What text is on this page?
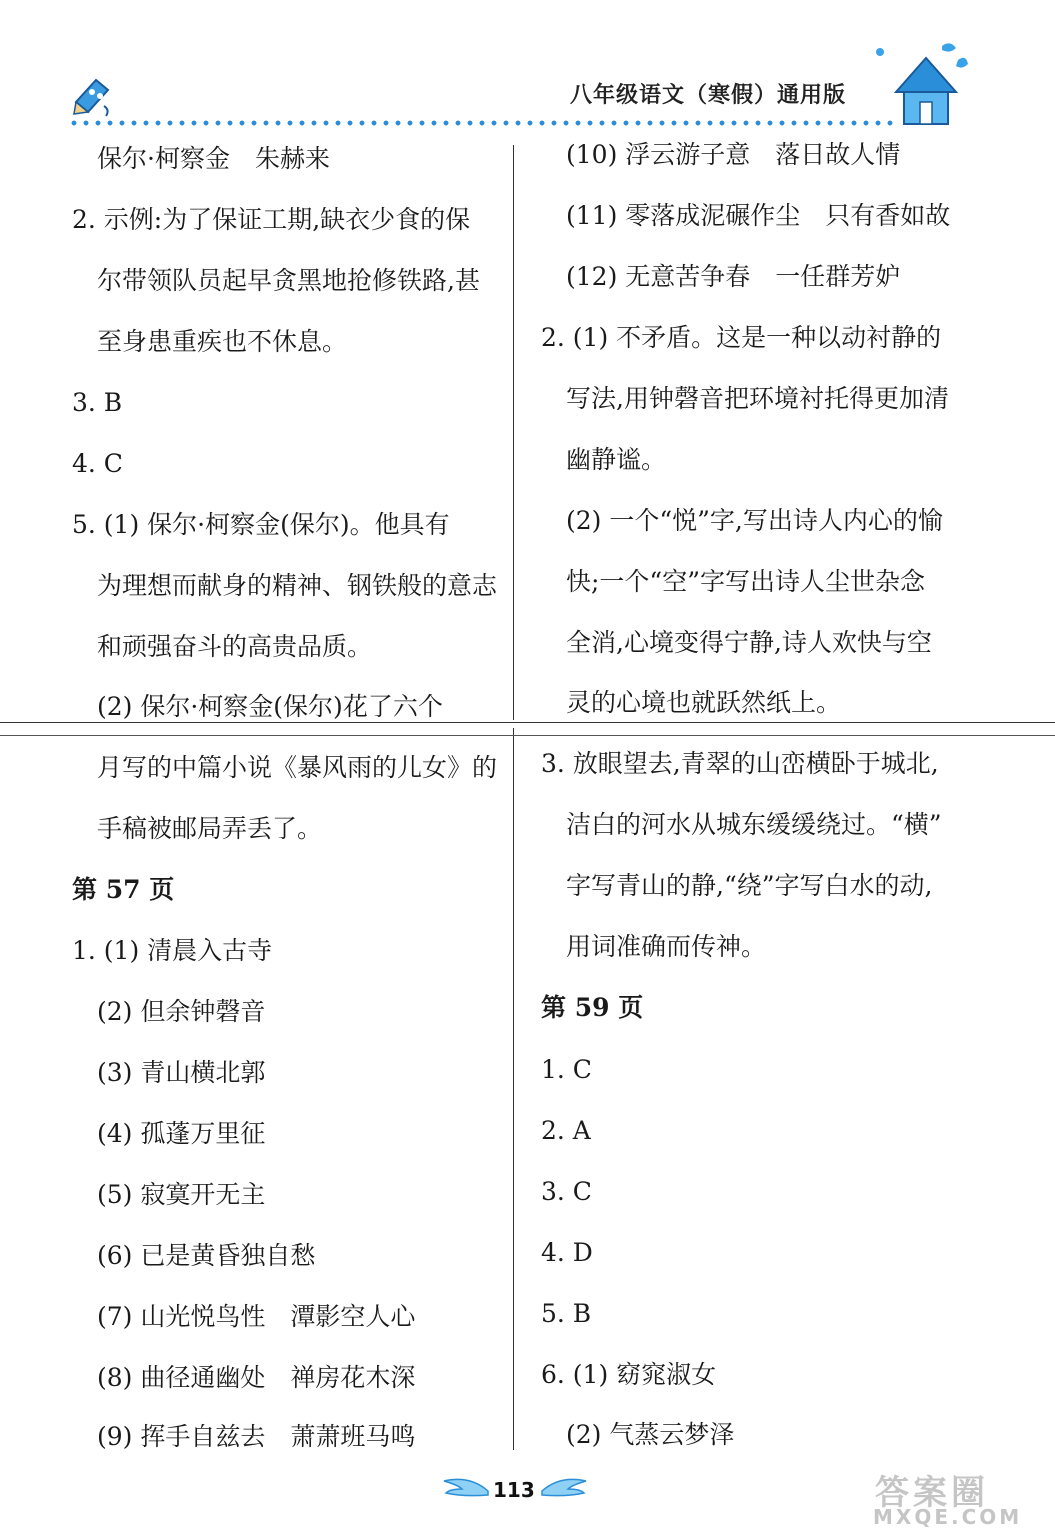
八年级语文（寒假）通用版
保尔·柯察金　朱赫来
2. 示例:为了保证工期,缺衣少食的保
尔带领队员起早贪黑地抢修铁路,甚
至身患重疾也不休息。
3. B
4. C
5. (1) 保尔·柯察金(保尔)。他具有
为理想而献身的精神、钢铁般的意志
和顽强奋斗的高贵品质。
(2) 保尔·柯察金(保尔)花了六个
月写的中篇小说《暴风雨的儿女》的
手稿被邮局弄丢了。
第 57 页
1. (1) 清晨入古寺
(2) 但余钟磬音
(3) 青山横北郭
(4) 孤蓬万里征
(5) 寂寞开无主
(6) 已是黄昏独自愁
(7) 山光悦鸟性　潭影空人心
(8) 曲径通幽处　禅房花木深
(9) 挥手自兹去　萧萧班马鸣
(10) 浮云游子意　落日故人情
(11) 零落成泥碾作尘　只有香如故
(12) 无意苦争春　一任群芳妒
2. (1) 不矛盾。这是一种以动衬静的
写法,用钟磬音把环境衬托得更加清
幽静谧。
(2) 一个“悦”字,写出诗人内心的愉
快;一个“空”字写出诗人尘世杂念
全消,心境变得宁静,诗人欢快与空
灵的心境也就跃然纸上。
3. 放眼望去,青翠的山峦横卧于城北,
洁白的河水从城东缓缓绕过。“横”
字写青山的静,“绕”字写白水的动,
用词准确而传神。
第 59 页
1. C
2. A
3. C
4. D
5. B
6. (1) 窈窕淑女
(2) 气蒸云梦泽
113	答案圈
MXQE.COM
